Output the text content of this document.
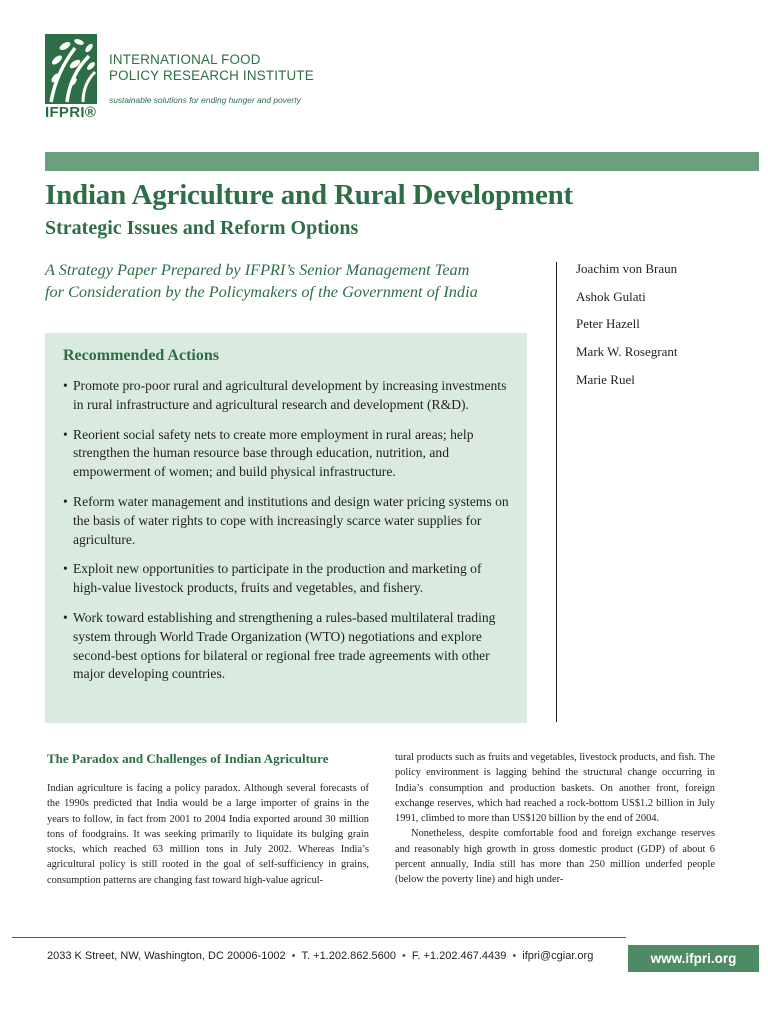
IFPRI®
INTERNATIONAL FOOD
POLICY RESEARCH INSTITUTE
sustainable solutions for ending hunger and poverty
Indian Agriculture and Rural Development
Strategic Issues and Reform Options
A Strategy Paper Prepared by IFPRI’s Senior Management Team
for Consideration by the Policymakers of the Government of India
Joachim von Braun
Ashok Gulati
Peter Hazell
Mark W. Rosegrant
Marie Ruel
Recommended Actions
• Promote pro-poor rural and agricultural development by increasing investments in rural infrastructure and agricultural research and development (R&D).
• Reorient social safety nets to create more employment in rural areas; help strengthen the human resource base through education, nutrition, and empowerment of women; and build physical infrastructure.
• Reform water management and institutions and design water pricing systems on the basis of water rights to cope with increasingly scarce water supplies for agriculture.
• Exploit new opportunities to participate in the production and marketing of high-value livestock products, fruits and vegetables, and fishery.
• Work toward establishing and strengthening a rules-based multilateral trading system through World Trade Organization (WTO) negotiations and explore second-best options for bilateral or regional free trade agreements with other major developing countries.
The Paradox and Challenges of Indian Agriculture

Indian agriculture is facing a policy paradox. Although several forecasts of the 1990s predicted that India would be a large importer of grains in the years to follow, in fact from 2001 to 2004 India exported around 30 million tons of foodgrains. It was seeking primarily to liquidate its bulging grain stocks, which reached 63 million tons in July 2002. Whereas India’s agricultural policy is still rooted in the goal of self-sufficiency in grains, consumption patterns are changing fast toward high-value agricul-

tural products such as fruits and vegetables, livestock products, and fish. The policy environment is lagging behind the structural change occurring in India’s consumption and production baskets. On another front, foreign exchange reserves, which had reached a rock-bottom US$1.2 billion in July 1991, climbed to more than US$120 billion by the end of 2004.

Nonetheless, despite comfortable food and foreign exchange reserves and reasonably high growth in gross domestic product (GDP) of about 6 percent annually, India still has more than 250 million underfed people (below the poverty line) and high under-

2033 K Street, NW, Washington, DC 20006-1002 • T. +1.202.862.5600 • F. +1.202.467.4439 • ifpri@cgiar.org	www.ifpri.org
